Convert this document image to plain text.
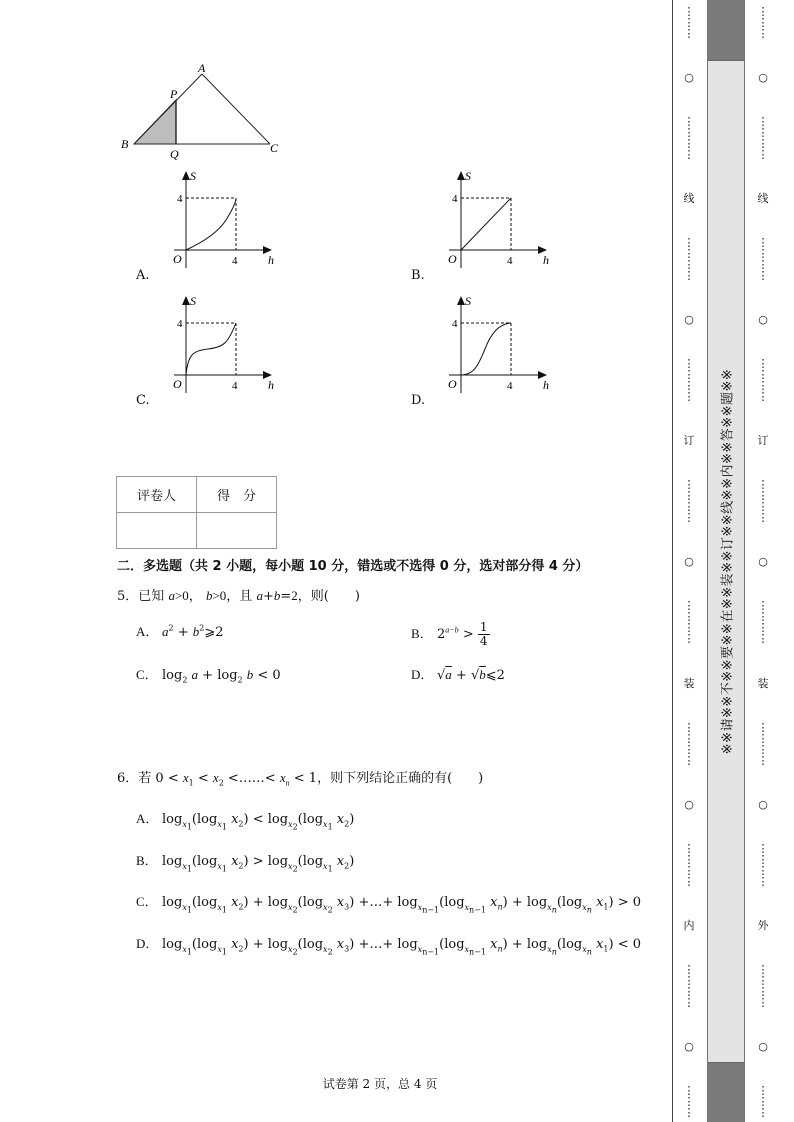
A
P
B
Q	C
A.
S
h
O
4
4
B.
S
h
O
4
4
C.
S
h
O
4
4
D.
S
h
O
4
4
评卷人	得　分

二．多选题（共 2 小题，每小题 10 分，错选或不选得 0 分，选对部分得 4 分）
5．已知 a>0， b>0，且 a+b=2，则(　　)
A． $a^2$ + $b^2⩾2$	B． $2^{a-b} > \frac{1}{4}$
C． $\log_2 a + \log_2 b < 0$	D． √a + √b⩽2
6．若 $0 < x_1 < x_2$ <……< $x_n < 1$，则下列结论正确的有(　　)
A． $\log_{x_1}(\log_{x_1}$ $x_2) < \log_{x_2}(\log_{x_1}$ $x_2$)
B． $\log_{x_1}(\log_{x_1}$ $x_2) > \log_{x_2}(\log_{x_1}$ $x_2$)
C． $\log_{x_1}(\log_{x_1}$ $x_2) + \log_{x_2}(\log_{x_2}$ $x_3$) +…+ $\log_{x_{n-1}}(\log_{x_{n-1}}$ $x_n) + \log_{x_n}(\log_{x_n}$ $x_1) > 0$
D． $\log_{x_1}(\log_{x_1}$ $x_2) + \log_{x_2}(\log_{x_2}$ $x_3$) +…+ $\log_{x_{n-1}}(\log_{x_{n-1}}$ $x_n) + \log_{x_n}(\log_{x_n}$ $x_1) < 0$
试卷第 2 页，总 4 页
⋮
⋮
⋮
○
⋮
⋮
⋮
⋮
线
⋮
⋮
⋮
⋮
○
⋮
⋮
⋮
⋮
订
⋮
⋮
⋮
⋮
○
⋮
⋮
⋮
⋮
装
⋮
⋮
⋮
⋮
○
⋮
⋮
⋮
⋮
内
⋮
⋮
⋮
⋮
○
⋮
⋮
⋮
※※请※※不※※要※※在※※装※※订※※线※※内※※答※※题※※
⋮
⋮
⋮
○
⋮
⋮
⋮
⋮
线
⋮
⋮
⋮
⋮
○
⋮
⋮
⋮
⋮
订
⋮
⋮
⋮
⋮
○
⋮
⋮
⋮
⋮
装
⋮
⋮
⋮
⋮
○
⋮
⋮
⋮
⋮
外
⋮
⋮
⋮
⋮
○
⋮
⋮
⋮
